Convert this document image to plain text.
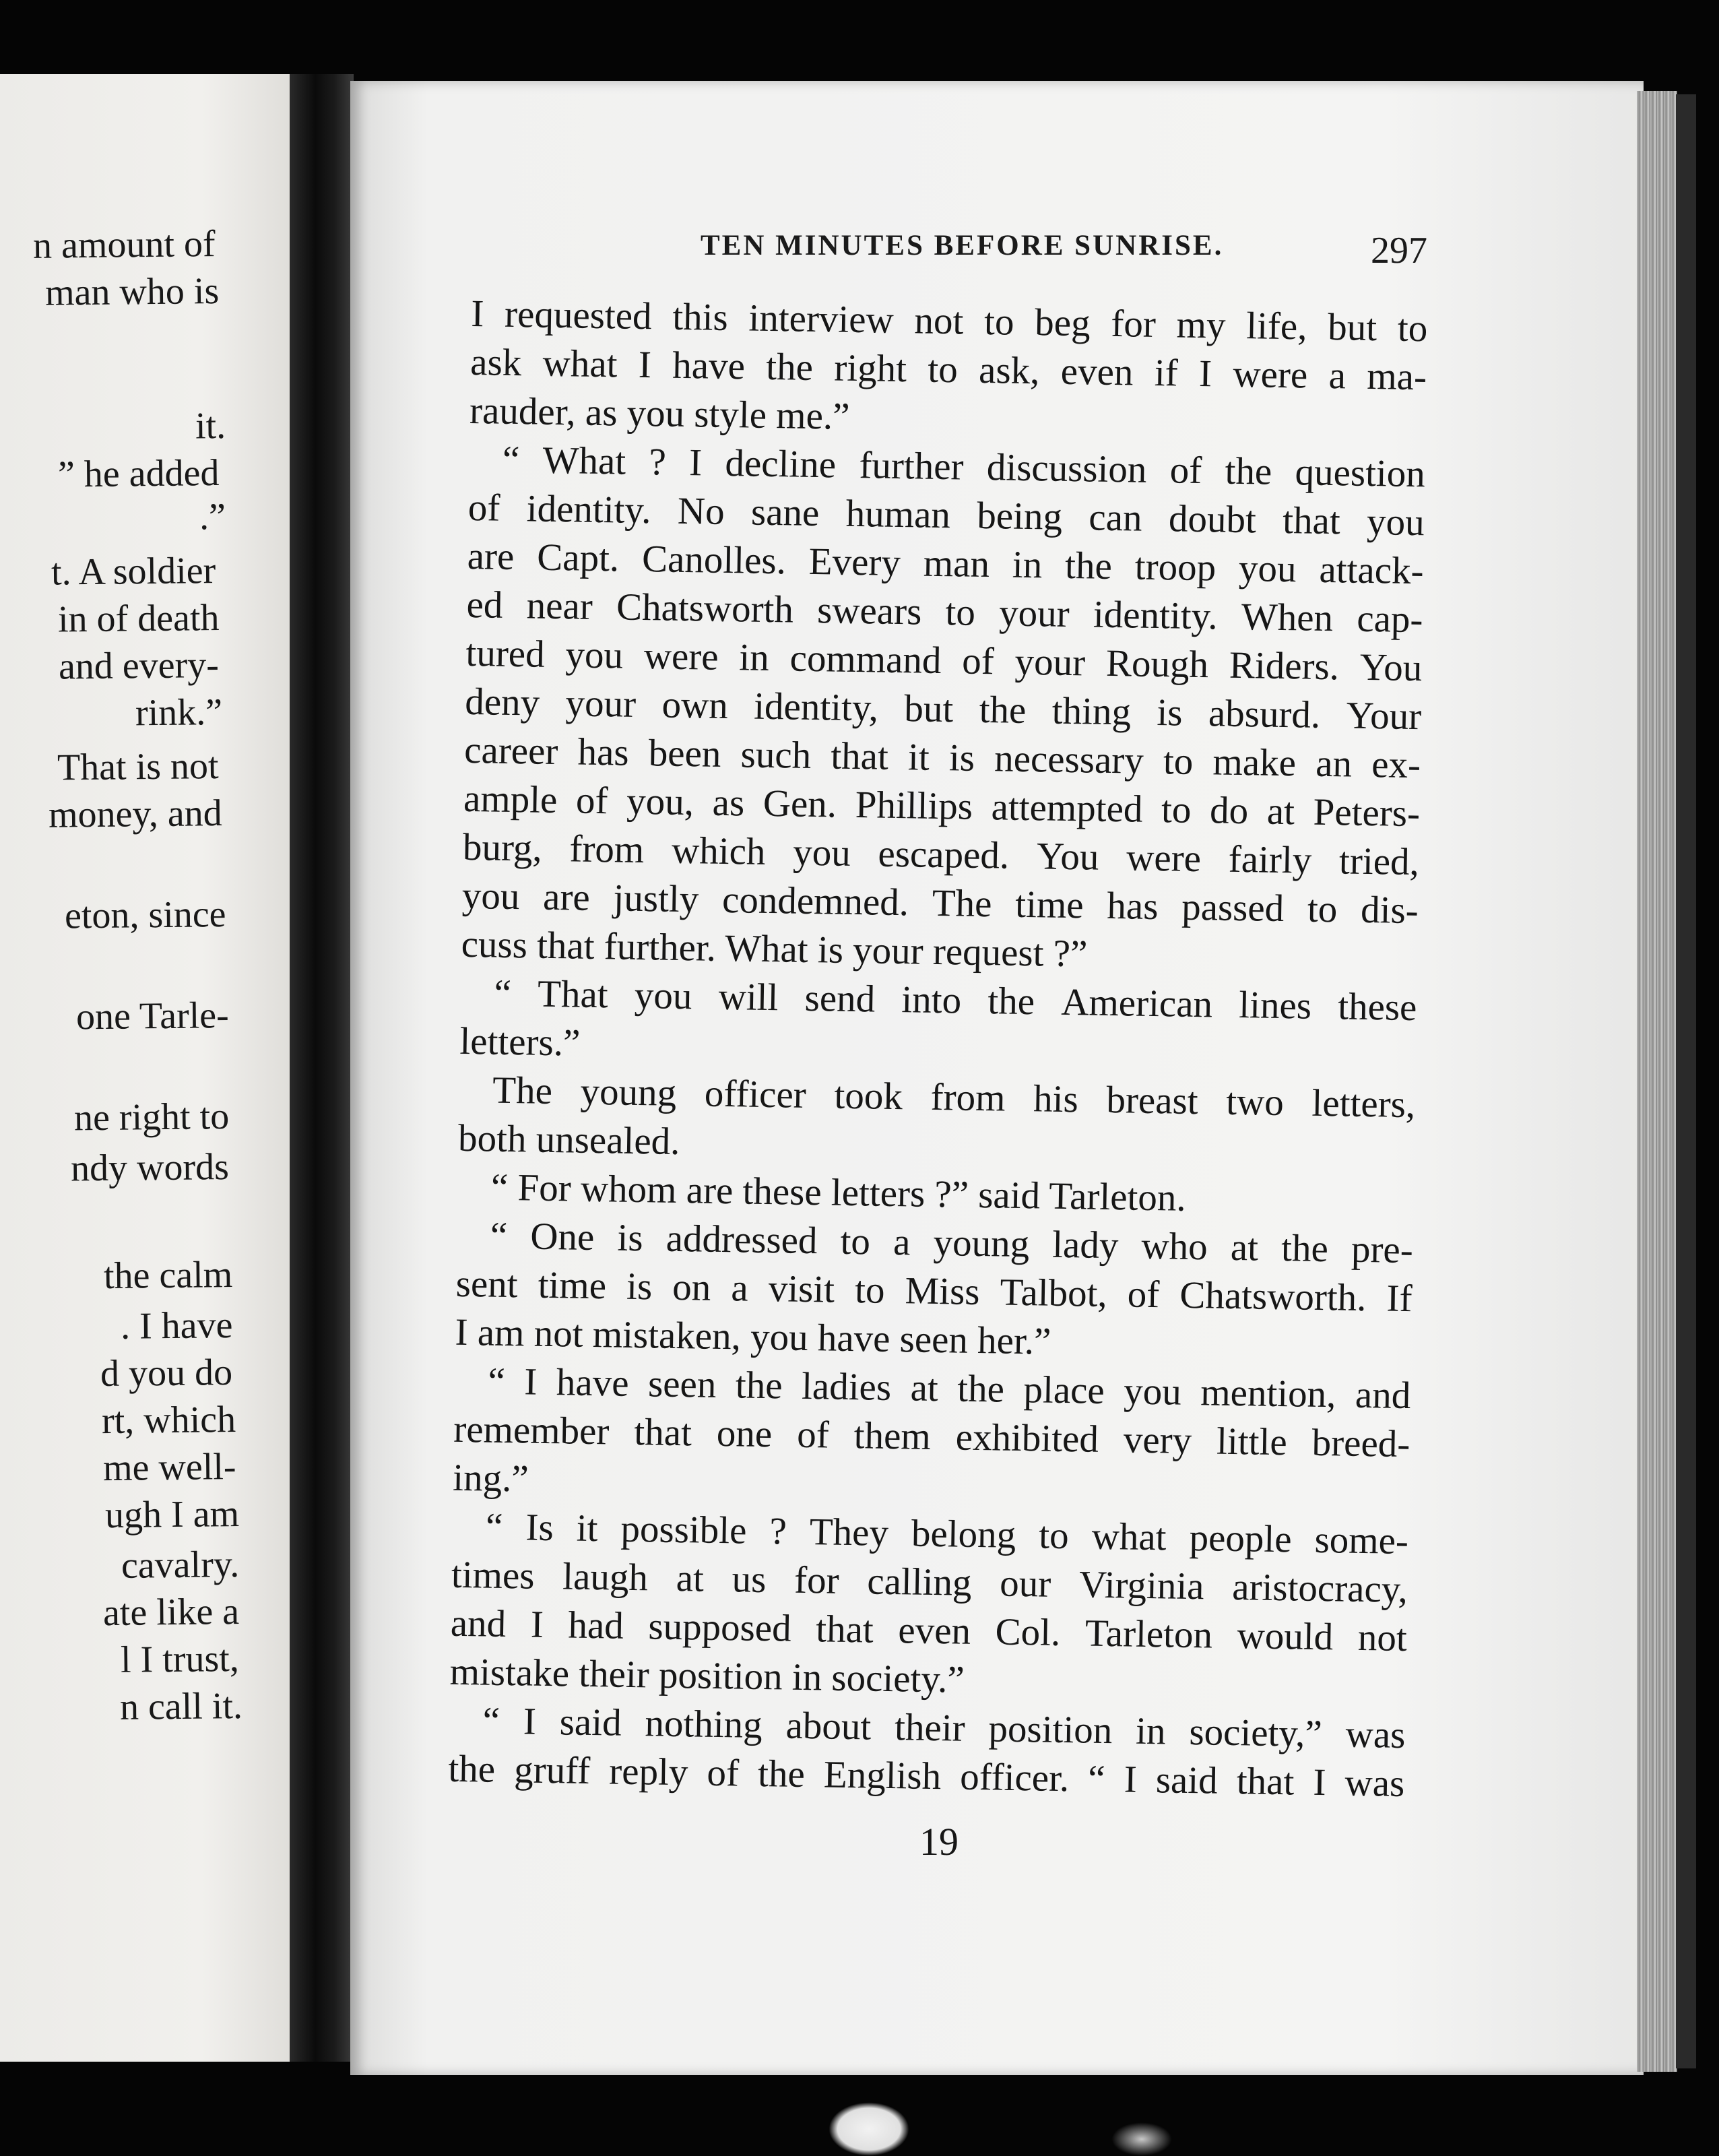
n amount of
man who is
it.
” he added
.”
t. A soldier
in of death
and every-
rink.”
That is not
money, and
eton, since
one Tarle-
ne right to
ndy words
the calm
. I have
d you do
rt, which
me well-
ugh I am
cavalry.
ate like a
l I trust,
n call it.
TEN MINUTES BEFORE SUNRISE.	297
I requested this interview not to beg for my life, but to
ask what I have the right to ask, even if I were a ma-
rauder, as you style me.”
“ What ? I decline further discussion of the question
of identity. No sane human being can doubt that you
are Capt. Canolles. Every man in the troop you attack-
ed near Chatsworth swears to your identity. When cap-
tured you were in command of your Rough Riders. You
deny your own identity, but the thing is absurd. Your
career has been such that it is necessary to make an ex-
ample of you, as Gen. Phillips attempted to do at Peters-
burg, from which you escaped. You were fairly tried,
you are justly condemned. The time has passed to dis-
cuss that further. What is your request ?”
“ That you will send into the American lines these
letters.”
The young officer took from his breast two letters,
both unsealed.
“ For whom are these letters ?” said Tarleton.
“ One is addressed to a young lady who at the pre-
sent time is on a visit to Miss Talbot, of Chatsworth. If
I am not mistaken, you have seen her.”
“ I have seen the ladies at the place you mention, and
remember that one of them exhibited very little breed-
ing.”
“ Is it possible ? They belong to what people some-
times laugh at us for calling our Virginia aristocracy,
and I had supposed that even Col. Tarleton would not
mistake their position in society.”
“ I said nothing about their position in society,” was
the gruff reply of the English officer. “ I said that I was
19
